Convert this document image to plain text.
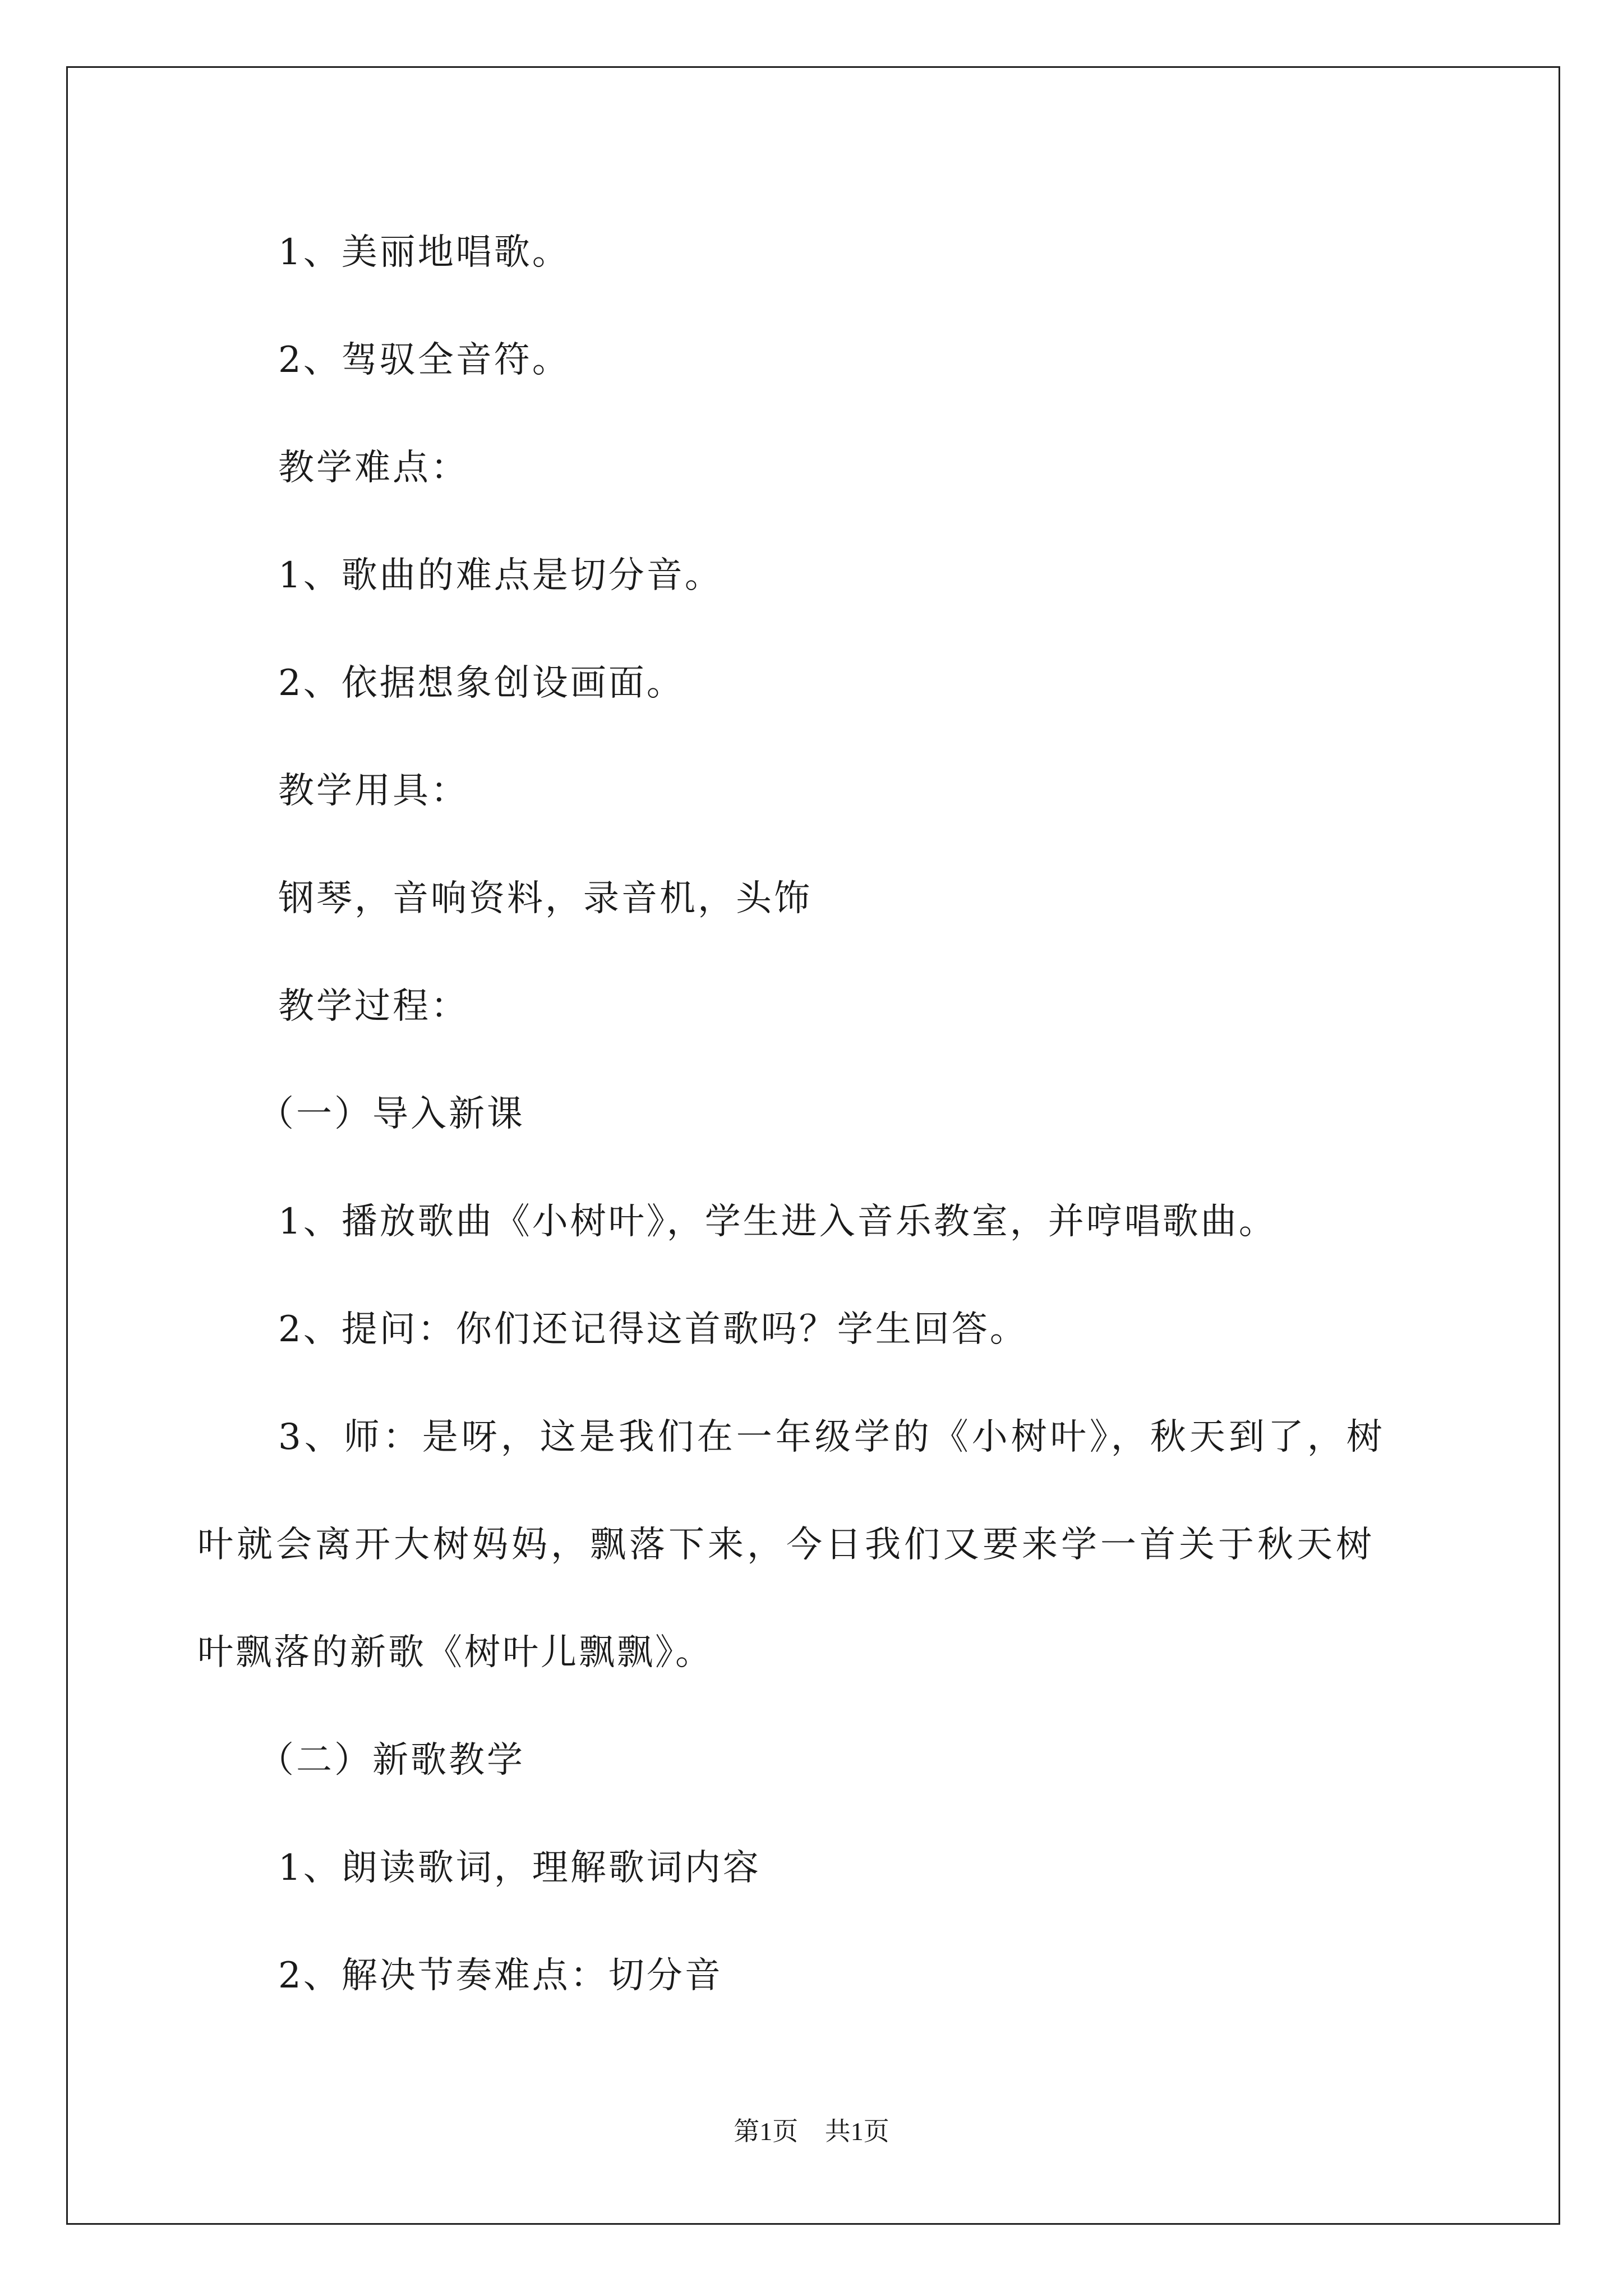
1、美丽地唱歌。
2、驾驭全音符。
教学难点：
1、歌曲的难点是切分音。
2、依据想象创设画面。
教学用具：
钢琴，音响资料，录音机，头饰
教学过程：
（一）导入新课
1、播放歌曲《小树叶》，学生进入音乐教室，并哼唱歌曲。
2、提问：你们还记得这首歌吗？学生回答。
3、师：是呀，这是我们在一年级学的《小树叶》，秋天到了，树
叶就会离开大树妈妈，飘落下来，今日我们又要来学一首关于秋天树
叶飘落的新歌《树叶儿飘飘》。
（二）新歌教学
1、朗读歌词，理解歌词内容
2、解决节奏难点：切分音
第1页 共1页
